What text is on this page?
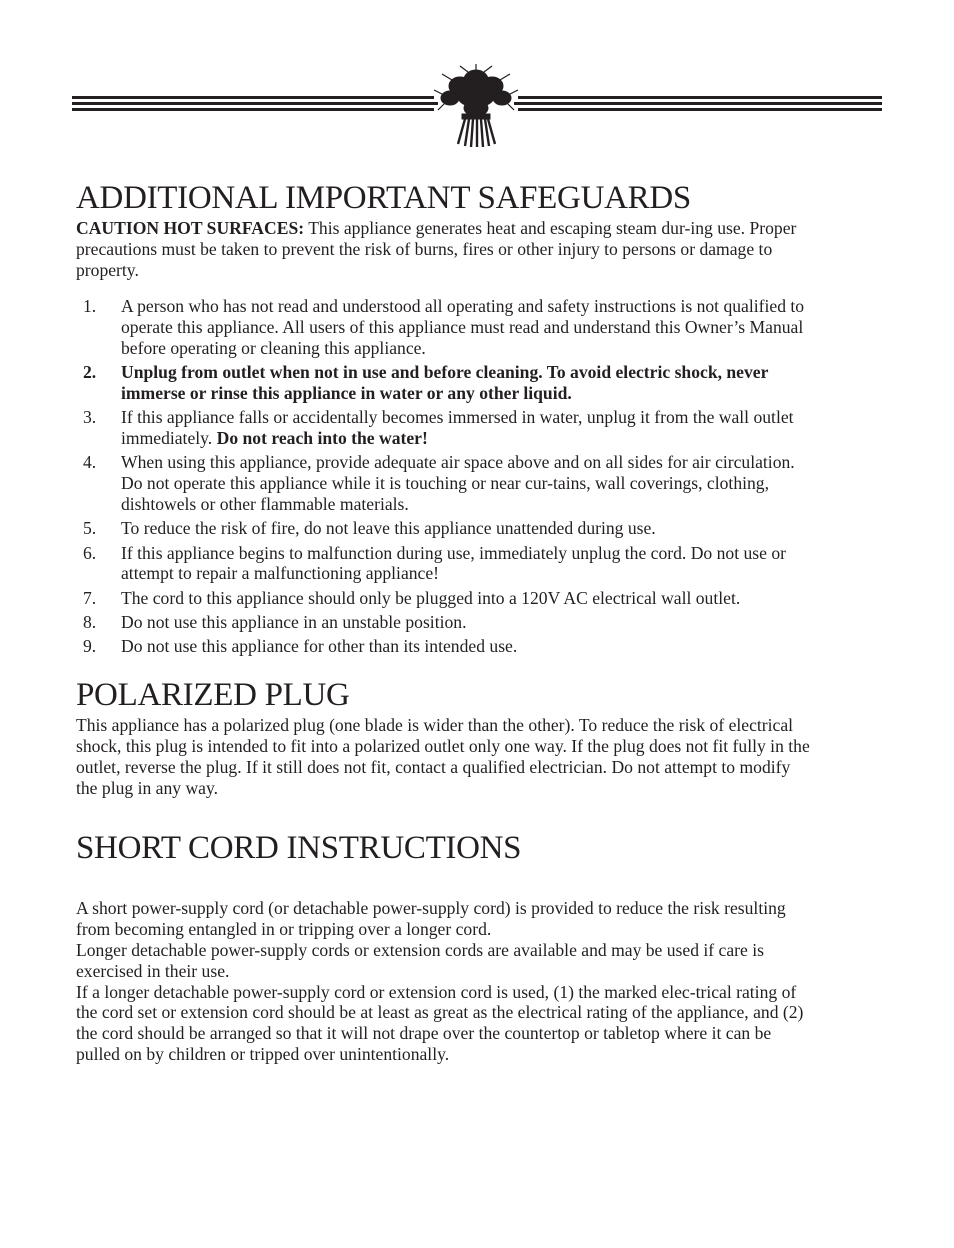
ADDITIONAL IMPORTANT SAFEGUARDS

CAUTION HOT SURFACES: This appliance generates heat and escaping steam dur-ing use. Proper precautions must be taken to prevent the risk of burns, fires or other injury to persons or damage to property.

1. A person who has not read and understood all operating and safety instructions is not qualified to operate this appliance. All users of this appliance must read and understand this Owner’s Manual before operating or cleaning this appliance.
2. Unplug from outlet when not in use and before cleaning. To avoid electric shock, never immerse or rinse this appliance in water or any other liquid.
3. If this appliance falls or accidentally becomes immersed in water, unplug it from the wall outlet immediately. Do not reach into the water!
4. When using this appliance, provide adequate air space above and on all sides for air circulation. Do not operate this appliance while it is touching or near cur-tains, wall coverings, clothing, dishtowels or other flammable materials.
5. To reduce the risk of fire, do not leave this appliance unattended during use.
6. If this appliance begins to malfunction during use, immediately unplug the cord. Do not use or attempt to repair a malfunctioning appliance!
7. The cord to this appliance should only be plugged into a 120V AC electrical wall outlet.
8. Do not use this appliance in an unstable position.
9. Do not use this appliance for other than its intended use.
POLARIZED PLUG

This appliance has a polarized plug (one blade is wider than the other). To reduce the risk of electrical shock, this plug is intended to fit into a polarized outlet only one way. If the plug does not fit fully in the outlet, reverse the plug. If it still does not fit, contact a qualified electrician. Do not attempt to modify the plug in any way.

SHORT CORD INSTRUCTIONS

A short power-supply cord (or detachable power-supply cord) is provided to reduce the risk resulting from becoming entangled in or tripping over a longer cord.

Longer detachable power-supply cords or extension cords are available and may be used if care is exercised in their use.

If a longer detachable power-supply cord or extension cord is used, (1) the marked elec-trical rating of the cord set or extension cord should be at least as great as the electrical rating of the appliance, and (2) the cord should be arranged so that it will not drape over the countertop or tabletop where it can be pulled on by children or tripped over unintentionally.
